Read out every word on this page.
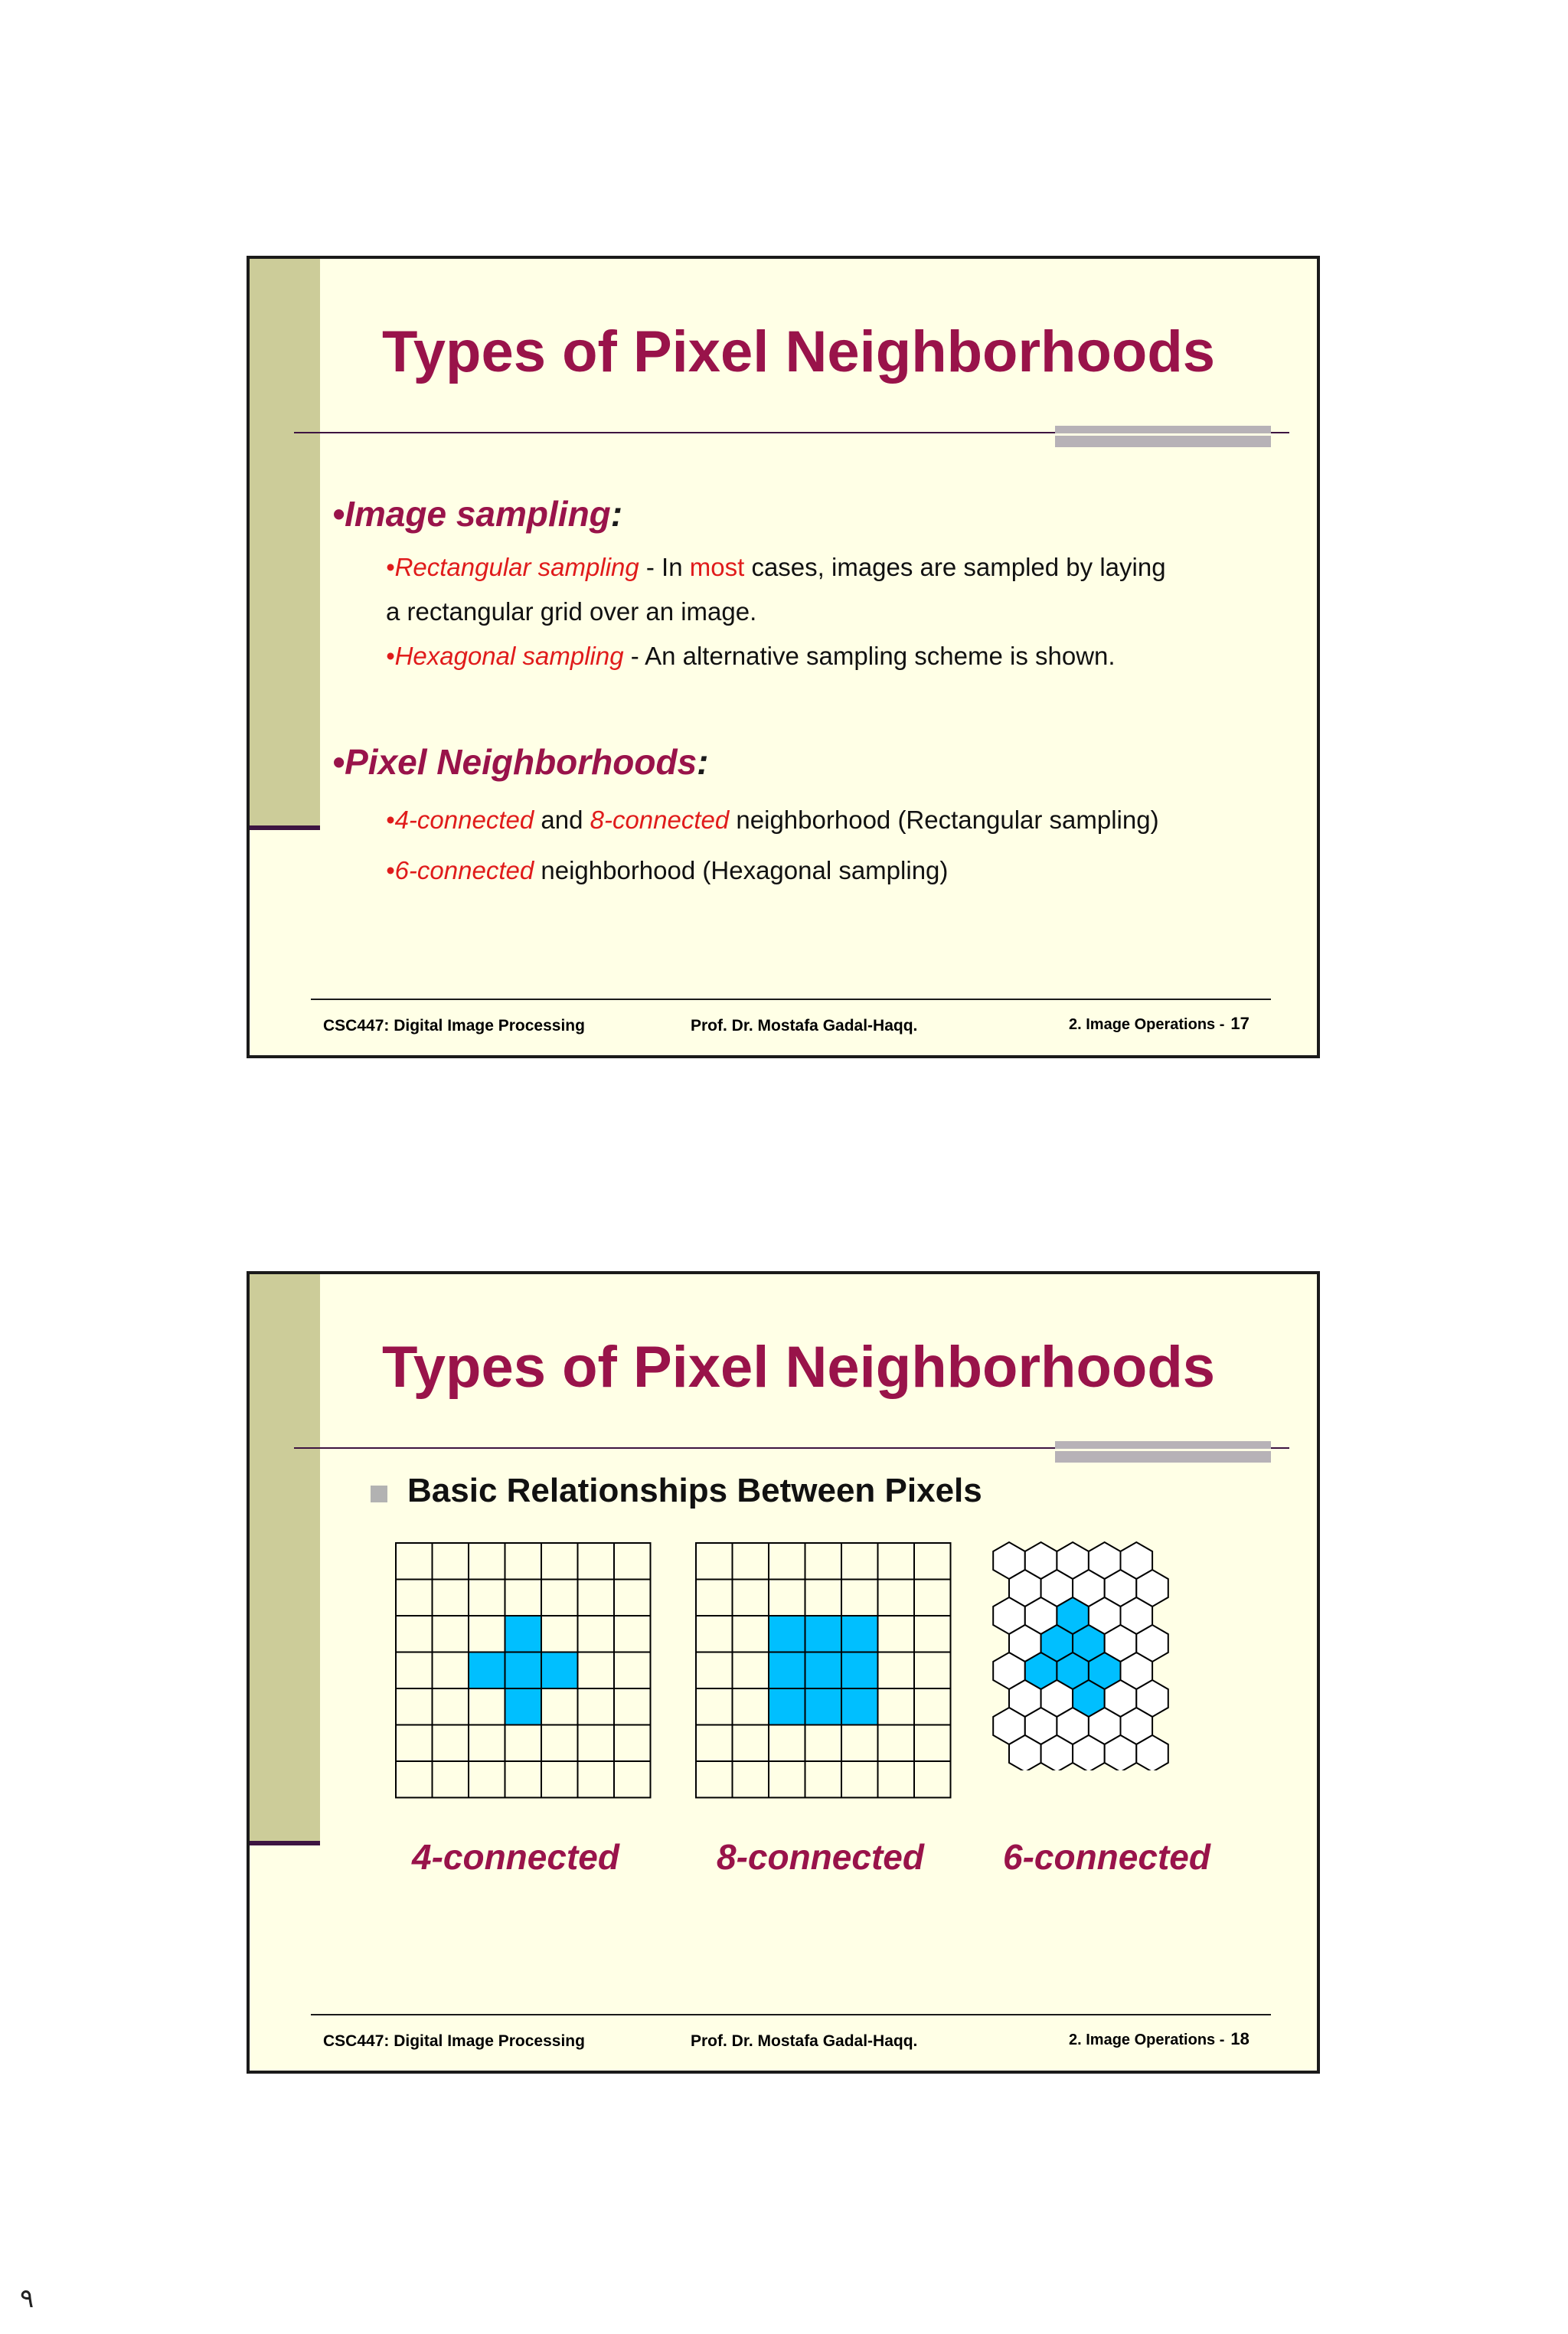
Types of Pixel Neighborhoods
•Image sampling:
•Rectangular sampling - In most cases, images are sampled by laying
a rectangular grid over an image.
•Hexagonal sampling - An alternative sampling scheme is shown.
•Pixel Neighborhoods:
•4-connected and 8-connected neighborhood (Rectangular sampling)
•6-connected neighborhood (Hexagonal sampling)
CSC447: Digital Image Processing	Prof. Dr. Mostafa Gadal-Haqq.	2. Image Operations - 17
Types of Pixel Neighborhoods
Basic Relationships Between Pixels
4-connected	8-connected 6-connected
CSC447: Digital Image Processing	Prof. Dr. Mostafa Gadal-Haqq.	2. Image Operations - 18
٩
